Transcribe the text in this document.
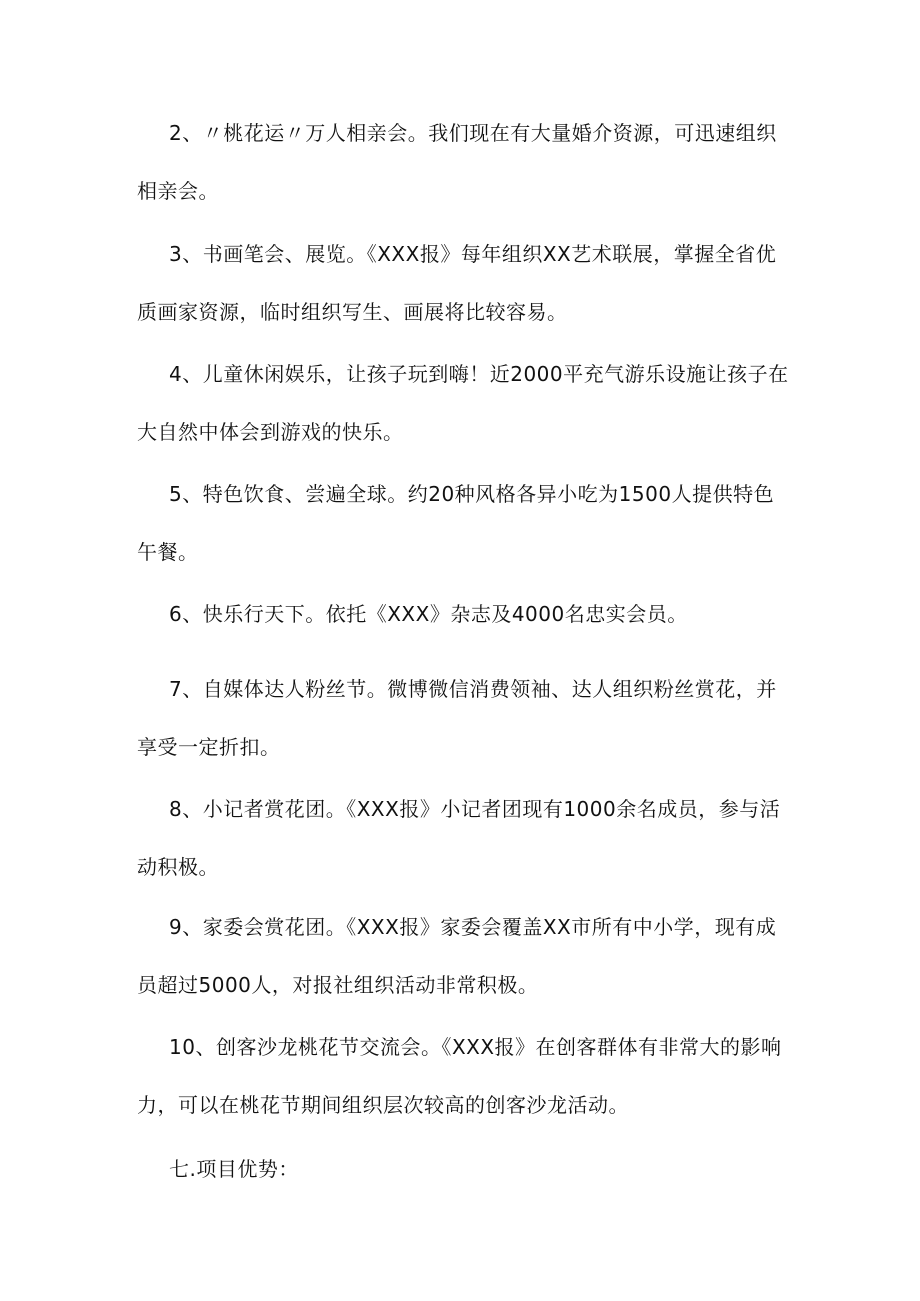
2、〃桃花运〃万人相亲会。我们现在有大量婚介资源，可迅速组织相亲会。

3、书画笔会、展览。《XXX报》每年组织XX艺术联展，掌握全省优质画家资源，临时组织写生、画展将比较容易。

4、儿童休闲娱乐，让孩子玩到嗨！近2000平充气游乐设施让孩子在大自然中体会到游戏的快乐。

5、特色饮食、尝遍全球。约20种风格各异小吃为1500人提供特色午餐。

6、快乐行天下。依托《XXX》杂志及4000名忠实会员。

7、自媒体达人粉丝节。微博微信消费领袖、达人组织粉丝赏花，并享受一定折扣。

8、小记者赏花团。《XXX报》小记者团现有1000余名成员，参与活动积极。

9、家委会赏花团。《XXX报》家委会覆盖XX市所有中小学，现有成员超过5000人，对报社组织活动非常积极。

10、创客沙龙桃花节交流会。《XXX报》在创客群体有非常大的影响力，可以在桃花节期间组织层次较高的创客沙龙活动。

七.项目优势：
